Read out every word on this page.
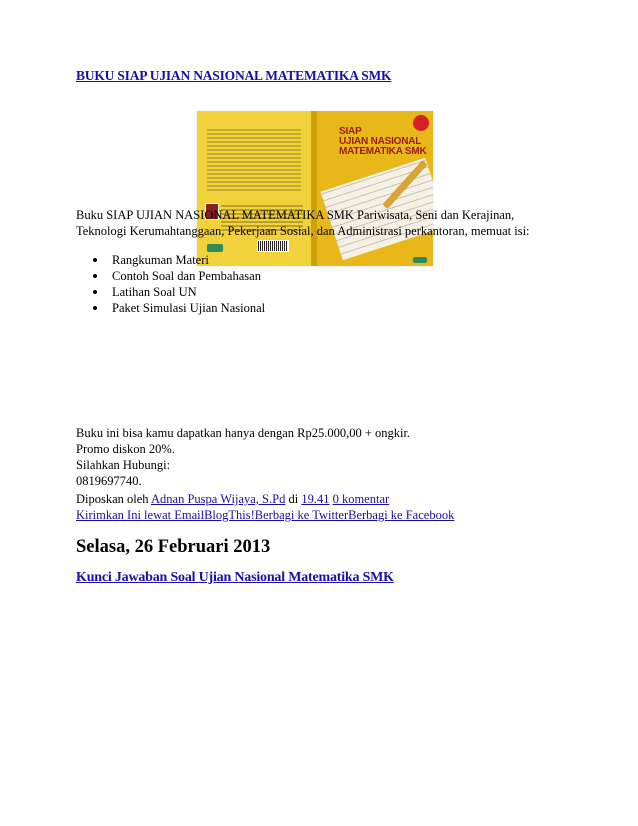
BUKU SIAP UJIAN NASIONAL MATEMATIKA SMK
SIAP
UJIAN NASIONAL
MATEMATIKA SMK
Buku SIAP UJIAN NASIONAL MATEMATIKA SMK Pariwisata, Seni dan Kerajinan, Teknologi Kerumahtanggaan, Pekerjaan Sosial, dan Administrasi perkantoran, memuat isi:
Rangkuman Materi
Contoh Soal dan Pembahasan
Latihan Soal UN
Paket Simulasi Ujian Nasional
Buku ini bisa kamu dapatkan hanya dengan Rp25.000,00 + ongkir.
Promo diskon 20%.
Silahkan Hubungi:
0819697740.
Diposkan oleh Adnan Puspa Wijaya, S.Pd di 19.41 0 komentar
Kirimkan Ini lewat EmailBlogThis!Berbagi ke TwitterBerbagi ke Facebook
Selasa, 26 Februari 2013
Kunci Jawaban Soal Ujian Nasional Matematika SMK
